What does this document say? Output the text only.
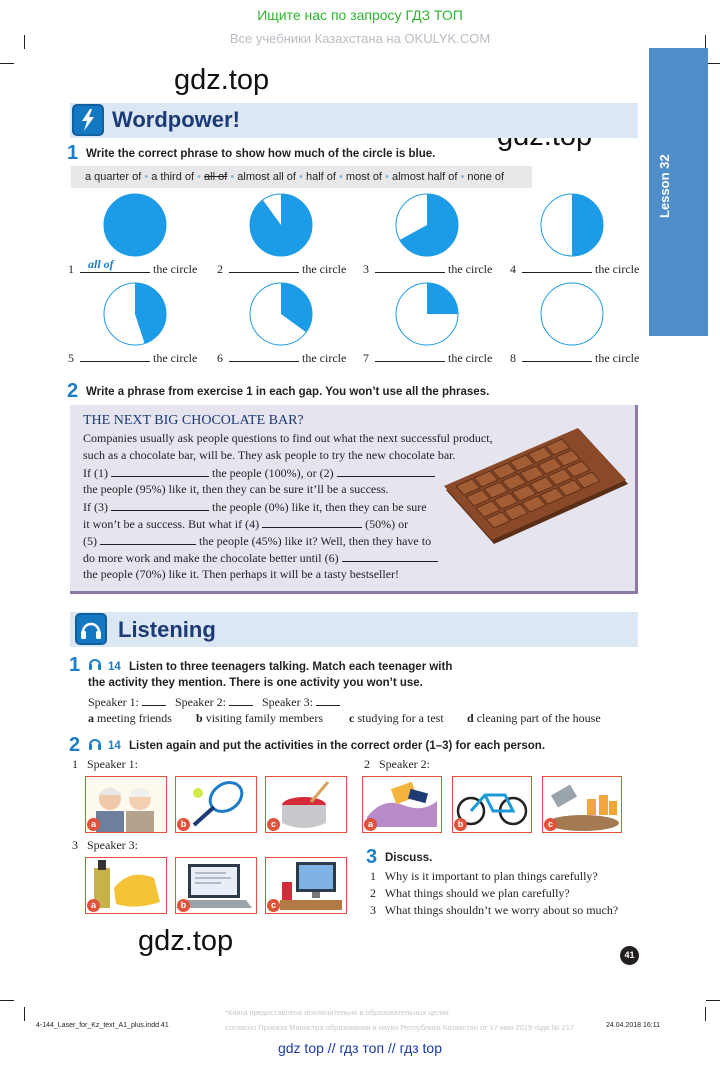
Ищите нас по запросу ГДЗ ТОП
Все учебники Казахстана на OKULYK.COM
Lesson 32
gdz.top
gdz.top
Wordpower!
1 Write the correct phrase to show how much of the circle is blue.
a quarter of • a third of • all of • almost all of • half of • most of • almost half of • none of
1 all of	the circle 2	the circle 3	the circle 4	the circle
5	the circle 6	the circle 7	the circle 8	the circle
2 Write a phrase from exercise 1 in each gap. You won’t use all the phrases.
THE NEXT BIG CHOCOLATE BAR?
Companies usually ask people questions to find out what the next successful product,
such as a chocolate bar, will be. They ask people to try the new chocolate bar.
If (1)	the people (100%), or (2)
the people (95%) like it, then they can be sure it’ll be a success.
If (3)	the people (0%) like it, then they can be sure
it won’t be a success. But what if (4)	(50%) or
(5)	the people (45%) like it? Well, then they have to
do more work and make the chocolate better until (6)
the people (70%) like it. Then perhaps it will be a tasty bestseller!
Listening
1 14 Listen to three teenagers talking. Match each teenager with
the activity they mention. There is one activity you won’t use.
Speaker 1:	Speaker 2:	Speaker 3:
a meeting friends b visiting family members c studying for a test d cleaning part of the house
2 14 Listen again and put the activities in the correct order (1–3) for each person.
1 Speaker 1:	2 Speaker 2:
3 Speaker 3:
a	b	c	a	b	c
a	b	c
3 Discuss.
1 Why is it important to plan things carefully?
2 What things should we plan carefully?
3 What things shouldn’t we worry about so much?
41
4-144_Laser_for_Kz_text_A1_plus.indd 41	24.04.2018 16:11
*Книга предоставлена исключительно в образовательных целях
согласно Приказа Министра образования и науки Республики Казахстан от 17 мая 2019 года № 217
gdz top // гдз топ // гдз top
